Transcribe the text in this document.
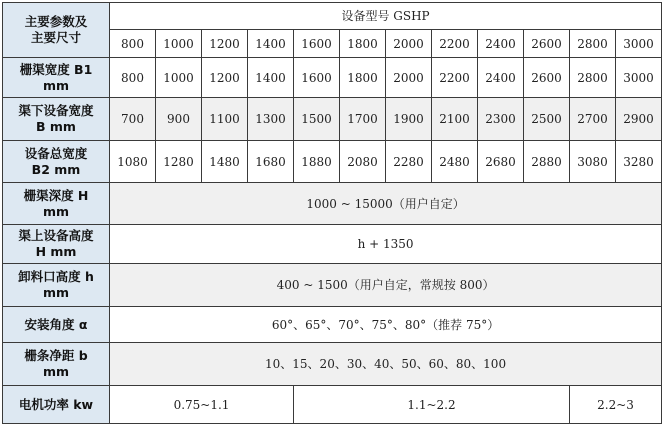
主要参数及
主要尺寸	设备型号 GSHP											
	800	1000	1200	1400	1600	1800	2000	2200	2400	2600	2800	3000

栅渠宽度 B1
mm	800	1000	1200	1400	1600	1800	2000	2200	2400	2600	2800	3000

渠下设备宽度
B mm	700	900	1100	1300	1500	1700	1900	2100	2300	2500	2700	2900

设备总宽度
B2 mm	1080	1280	1480	1680	1880	2080	2280	2480	2680	2880	3080	3280

栅渠深度 H
mm	1000 ~ 15000（用户自定）											

渠上设备高度
H mm	h + 1350											

卸料口高度 h
mm	400 ~ 1500（用户自定，常规按 800）											

安装角度 α	60°、65°、70°、75°、80°（推荐 75°）											

栅条净距 b
mm	10、15、20、30、40、50、60、80、100											
电机功率 kw	0.75~1.1				1.1~2.2						2.2~3	
